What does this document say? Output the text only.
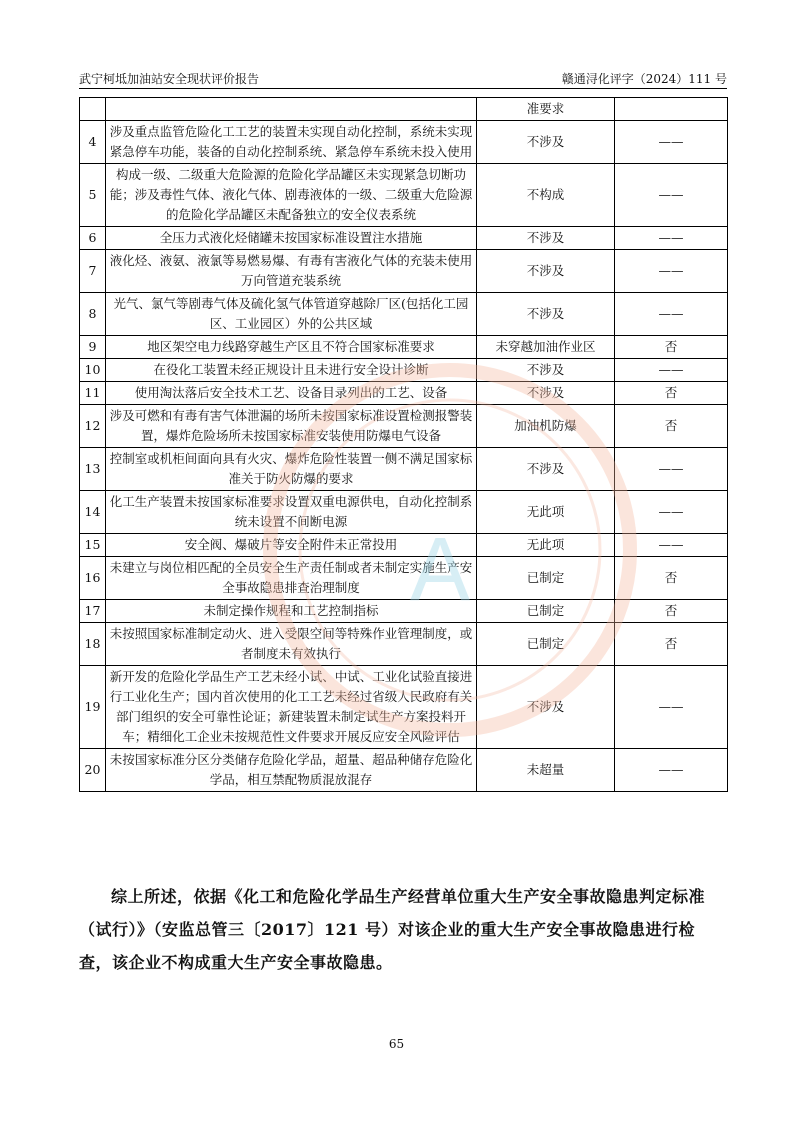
武宁柯坻加油站安全现状评价报告	赣通浔化评字（2024）111 号
		准要求	
4	涉及重点监管危险化工工艺的装置未实现自动化控制，系统未实现紧急停车功能，装备的自动化控制系统、紧急停车系统未投入使用	不涉及	——
5	构成一级、二级重大危险源的危险化学品罐区未实现紧急切断功能；涉及毒性气体、液化气体、剧毒液体的一级、二级重大危险源的危险化学品罐区未配备独立的安全仪表系统	不构成	——
6	全压力式液化烃储罐未按国家标准设置注水措施	不涉及	——
7	液化烃、液氨、液氯等易燃易爆、有毒有害液化气体的充装未使用万向管道充装系统	不涉及	——
8	光气、氯气等剧毒气体及硫化氢气体管道穿越除厂区(包括化工园区、工业园区）外的公共区域	不涉及	——
9	地区架空电力线路穿越生产区且不符合国家标准要求	未穿越加油作业区	否
10	在役化工装置未经正规设计且未进行安全设计诊断	不涉及	——
11	使用淘汰落后安全技术工艺、设备目录列出的工艺、设备	不涉及	否
12	涉及可燃和有毒有害气体泄漏的场所未按国家标准设置检测报警装置，爆炸危险场所未按国家标准安装使用防爆电气设备	加油机防爆	否
13	控制室或机柜间面向具有火灾、爆炸危险性装置一侧不满足国家标准关于防火防爆的要求	不涉及	——
14	化工生产装置未按国家标准要求设置双重电源供电，自动化控制系统未设置不间断电源	无此项	——
15	安全阀、爆破片等安全附件未正常投用	无此项	——
16	未建立与岗位相匹配的全员安全生产责任制或者未制定实施生产安全事故隐患排查治理制度	已制定	否
17	未制定操作规程和工艺控制指标	已制定	否
18	未按照国家标准制定动火、进入受限空间等特殊作业管理制度，或者制度未有效执行	已制定	否
19	新开发的危险化学品生产工艺未经小试、中试、工业化试验直接进行工业化生产；国内首次使用的化工工艺未经过省级人民政府有关部门组织的安全可靠性论证；新建装置未制定试生产方案投料开车；精细化工企业未按规范性文件要求开展反应安全风险评估	不涉及	——
20	未按国家标准分区分类储存危险化学品，超量、超品种储存危险化学品，相互禁配物质混放混存	未超量	——
A

综上所述，依据《化工和危险化学品生产经营单位重大生产安全事故隐患判定标准（试行）》（安监总管三〔2017〕121 号）对该企业的重大生产安全事故隐患进行检查，该企业不构成重大生产安全事故隐患。

65
